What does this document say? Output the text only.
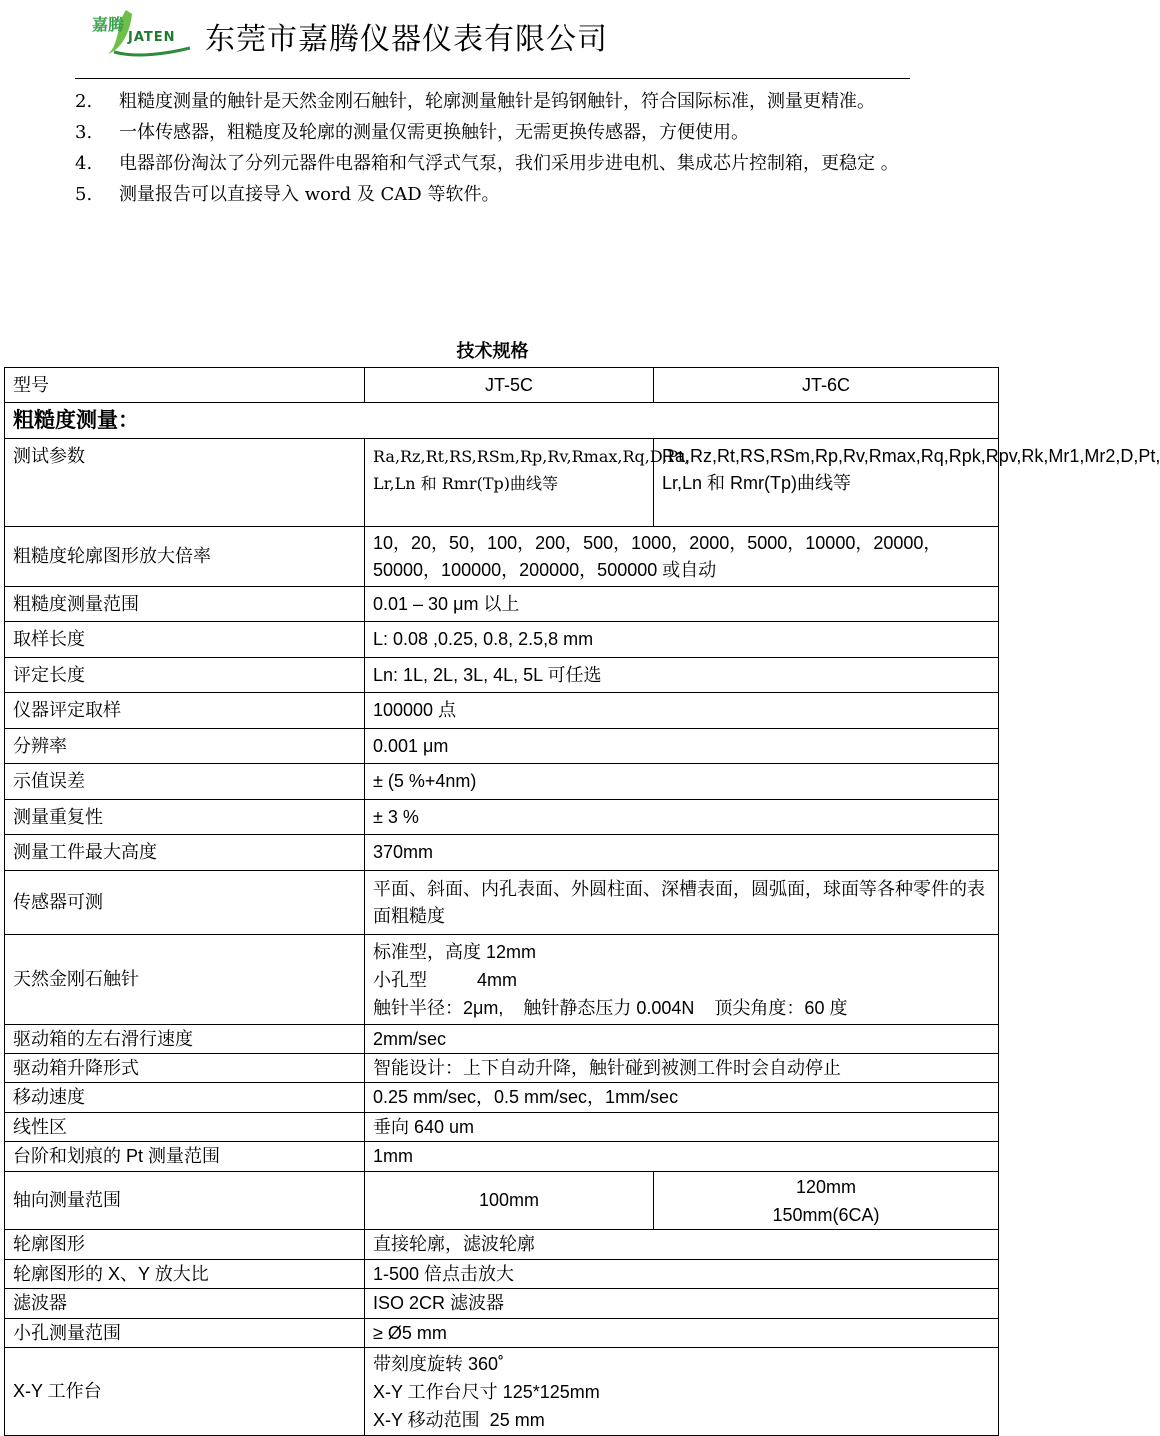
嘉腾
JATEN 东莞市嘉腾仪器仪表有限公司
2.	粗糙度测量的触针是天然金刚石触针，轮廓测量触针是钨钢触针，符合国际标准，测量更精准。
3.	一体传感器，粗糙度及轮廓的测量仅需更换触针，无需更换传感器，方便使用。
4.	电器部份淘汰了分列元器件电器箱和气浮式气泵，我们采用步进电机、集成芯片控制箱，更稳定 。
5.	测量报告可以直接导入 word 及 CAD 等软件。
技术规格
型号	JT-5C	JT-6C
粗糙度测量：		
测试参数	Ra,Rz,Rt,RS,RSm,Rp,Rv,Rmax,Rq,D,Pt, Lr,Ln 和 Rmr(Tp)曲线等	Ra,Rz,Rt,RS,RSm,Rp,Rv,Rmax,Rq,Rpk,Rpv,Rk,Mr1,Mr2,D,Pt, Lr,Ln 和 Rmr(Tp)曲线等
粗糙度轮廓图形放大倍率	10，20，50，100，200，500，1000，2000，5000，10000，20000，50000，100000，200000，500000 或自动	
粗糙度测量范围	0.01 – 30 μm 以上	
取样长度	L: 0.08 ,0.25, 0.8, 2.5,8 mm	
评定长度	Ln: 1L, 2L, 3L, 4L, 5L 可任选	
仪器评定取样	100000 点	
分辨率	0.001 μm	
示值误差	± (5 %+4nm)	
测量重复性	± 3 %	
测量工件最大高度	370mm	
传感器可测	平面、斜面、内孔表面、外圆柱面、深槽表面，圆弧面，球面等各种零件的表面粗糙度	
天然金刚石触针	标准型，高度 12mm
小孔型          4mm
触针半径：2μm,    触针静态压力 0.004N    顶尖角度：60 度	

驱动箱的左右滑行速度	2mm/sec	
驱动箱升降形式	智能设计：上下自动升降，触针碰到被测工件时会自动停止	
移动速度	0.25 mm/sec，0.5 mm/sec，1mm/sec	
线性区	垂向 640 um	
台阶和划痕的 Pt 测量范围	1mm	
轴向测量范围	100mm	120mm
150mm(6CA)

轮廓图形	直接轮廓，滤波轮廓	
轮廓图形的 X、Y 放大比	1-500 倍点击放大	
滤波器	ISO 2CR 滤波器	
小孔测量范围	≥ Ø5 mm	
X-Y 工作台	带刻度旋转 360˚
X-Y 工作台尺寸 125*125mm
X-Y 移动范围  25 mm	
